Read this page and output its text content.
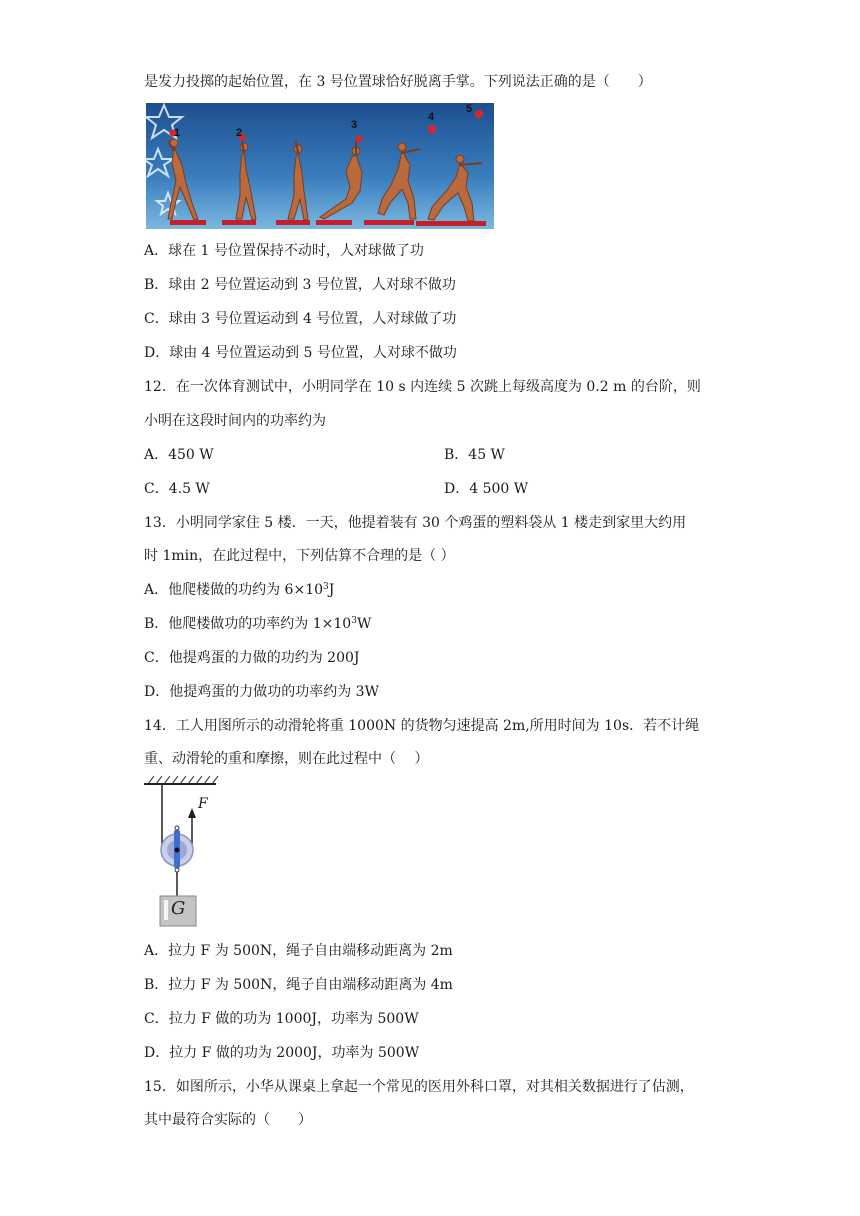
是发力投掷的起始位置，在 3 号位置球恰好脱离手掌。下列说法正确的是（　　）
1	2
3
4
5
A．球在 1 号位置保持不动时，人对球做了功
B．球由 2 号位置运动到 3 号位置，人对球不做功
C．球由 3 号位置运动到 4 号位置，人对球做了功
D．球由 4 号位置运动到 5 号位置，人对球不做功
12．在一次体育测试中，小明同学在 10 s 内连续 5 次跳上每级高度为 0.2 m 的台阶，则
小明在这段时间内的功率约为
A．450 W	B．45 W
C．4.5 W	D．4 500 W
13．小明同学家住 5 楼．一天，他提着装有 30 个鸡蛋的塑料袋从 1 楼走到家里大约用
时 1min，在此过程中，下列估算不合理的是（ ）
A．他爬楼做的功约为 $6\times 10^3J$
B．他爬楼做功的功率约为 $1\times 10^3W$
C．他提鸡蛋的力做的功约为 200J
D．他提鸡蛋的力做功的功率约为 3W
14．工人用图所示的动滑轮将重 1000N 的货物匀速提高 2m,所用时间为 10s．若不计绳
重、动滑轮的重和摩擦，则在此过程中（　 ）
F
G
A．拉力 F 为 500N，绳子自由端移动距离为 2m
B．拉力 F 为 500N，绳子自由端移动距离为 4m
C．拉力 F 做的功为 1000J，功率为 500W
D．拉力 F 做的功为 2000J，功率为 500W
15．如图所示，小华从课桌上拿起一个常见的医用外科口罩，对其相关数据进行了估测，
其中最符合实际的（　　）
